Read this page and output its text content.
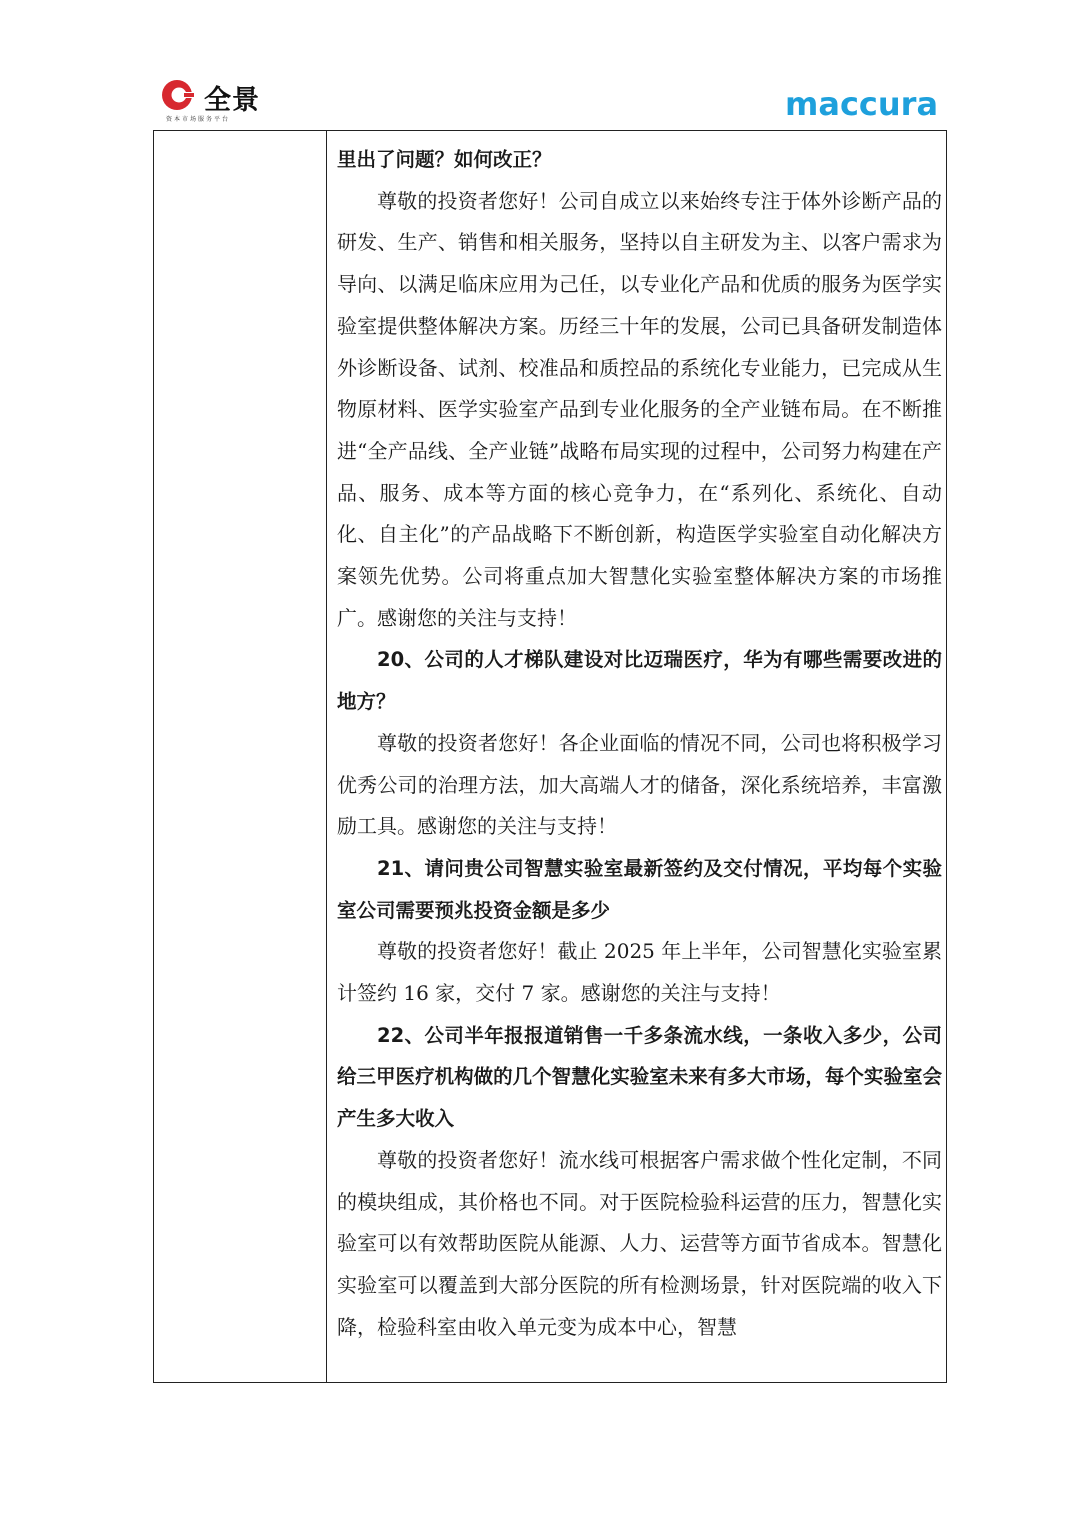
全景
资本市场服务平台	maccura

里出了问题？如何改正？

尊敬的投资者您好！公司自成立以来始终专注于体外诊断产品的研发、生产、销售和相关服务，坚持以自主研发为主、以客户需求为导向、以满足临床应用为己任，以专业化产品和优质的服务为医学实验室提供整体解决方案。历经三十年的发展，公司已具备研发制造体外诊断设备、试剂、校准品和质控品的系统化专业能力，已完成从生物原材料、医学实验室产品到专业化服务的全产业链布局。在不断推进“全产品线、全产业链”战略布局实现的过程中，公司努力构建在产品、服务、成本等方面的核心竞争力，在“系列化、系统化、自动化、自主化”的产品战略下不断创新，构造医学实验室自动化解决方案领先优势。公司将重点加大智慧化实验室整体解决方案的市场推广。感谢您的关注与支持！

20、公司的人才梯队建设对比迈瑞医疗，华为有哪些需要改进的地方？

尊敬的投资者您好！各企业面临的情况不同，公司也将积极学习优秀公司的治理方法，加大高端人才的储备，深化系统培养，丰富激励工具。感谢您的关注与支持！

21、请问贵公司智慧实验室最新签约及交付情况，平均每个实验室公司需要预兆投资金额是多少

尊敬的投资者您好！截止 2025 年上半年，公司智慧化实验室累计签约 16 家，交付 7 家。感谢您的关注与支持！

22、公司半年报报道销售一千多条流水线，一条收入多少，公司给三甲医疗机构做的几个智慧化实验室未来有多大市场，每个实验室会产生多大收入

尊敬的投资者您好！流水线可根据客户需求做个性化定制，不同的模块组成，其价格也不同。对于医院检验科运营的压力，智慧化实验室可以有效帮助医院从能源、人力、运营等方面节省成本。智慧化实验室可以覆盖到大部分医院的所有检测场景，针对医院端的收入下降，检验科室由收入单元变为成本中心，智慧
